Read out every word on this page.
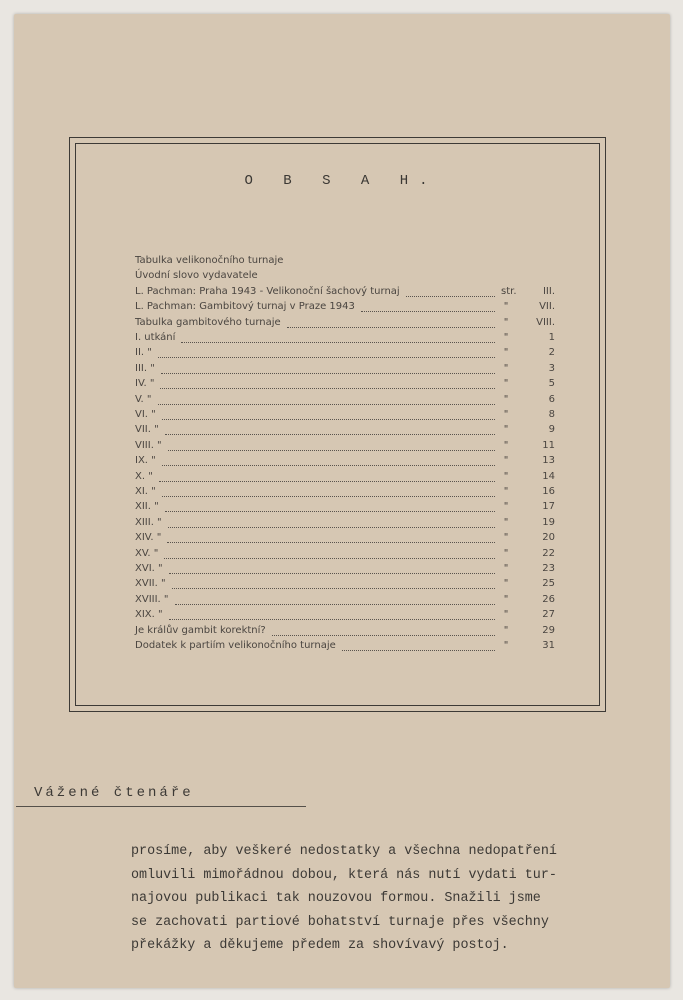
O B S A H.
Tabulka velikonočního turnaje
Úvodní slovo vydavatele
L. Pachman: Praha 1943 - Velikonoční šachový turnaj	str.	III.
L. Pachman: Gambitový turnaj v Praze 1943	"	VII.
Tabulka gambitového turnaje	"	VIII.
I. utkání	"	1
II. "	"	2
III. "	"	3
IV. "	"	5
V. "	"	6
VI. "	"	8
VII. "	"	9
VIII. "	"	11
IX. "	"	13
X. "	"	14
XI. "	"	16
XII. "	"	17
XIII. "	"	19
XIV. "	"	20
XV. "	"	22
XVI. "	"	23
XVII. "	"	25
XVIII. "	"	26
XIX. "	"	27
Je králův gambit korektní?	"	29
Dodatek k partiím velikonočního turnaje	"	31
Vážené čtenáře
prosíme, aby veškeré nedostatky a všechna nedopatření
omluvili mimořádnou dobou, která nás nutí vydati tur-
najovou publikaci tak nouzovou formou. Snažili jsme
se zachovati partiové bohatství turnaje přes všechny
překážky a děkujeme předem za shovívavý postoj.
